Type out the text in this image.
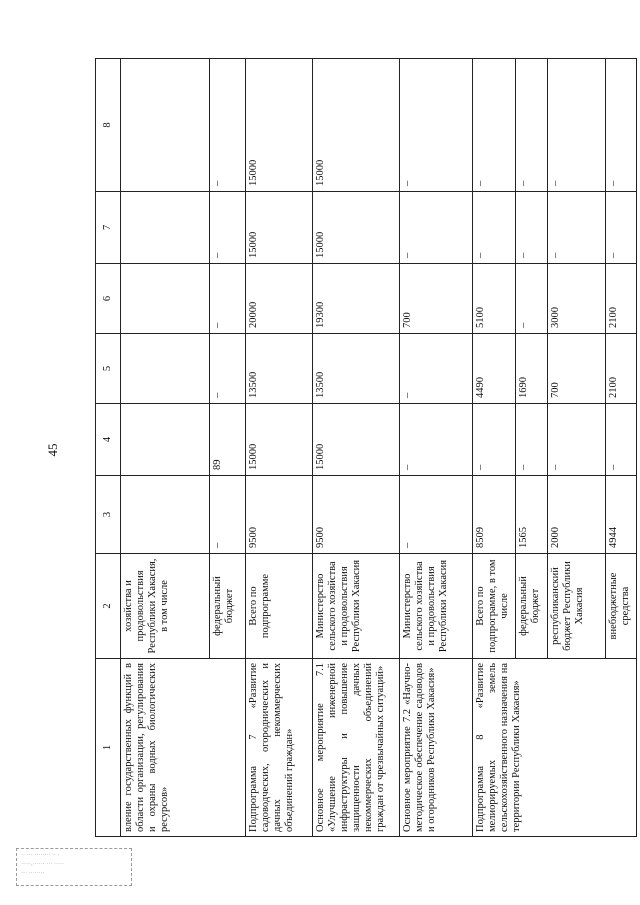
45
·· ··· ········ ·· ·
·····,······ ··· ·····
··· ········
1	2	3	4	5	6	7	8
вление государственных функций в области организации, регулирования и охраны водных биологических ресурсов»	хозяйства и продовольствия Республики Хакасия, в том числе						
	федеральный бюджет	–	89	–	–	–	–
Подпрограмма 7 «Развитие садоводческих, огороднических и дачных некоммерческих объединений граждан»	Всего по подпрограмме	9500	15000	13500	20000	15000	15000
Основное мероприятие 7.1 «Улучшение инженерной инфраструктуры и повышение защищенности дачных некоммерческих объединений граждан от чрезвычайных ситуаций»	Министерство сельского хозяйства и продовольствия Республики Хакасия	9500	15000	13500	19300	15000	15000
Основное мероприятие 7.2 «Научно-методическое обеспечение садоводов и огородников Республики Хакасия»	Министерство сельского хозяйства и продовольствия Республики Хакасия	–	–	–	700	–	–
Подпрограмма 8 «Развитие мелиорируемых земель сельскохозяйственного назначения на территории Республики Хакасия»	Всего по подпрограмме, в том числе	8509	–	4490	5100	–	–
	федеральный бюджет	1565	–	1690	–	–	–
	республиканский бюджет Республики Хакасия	2000	–	700	3000	–	–
	внебюджетные средства	4944	–	2100	2100	–	–
